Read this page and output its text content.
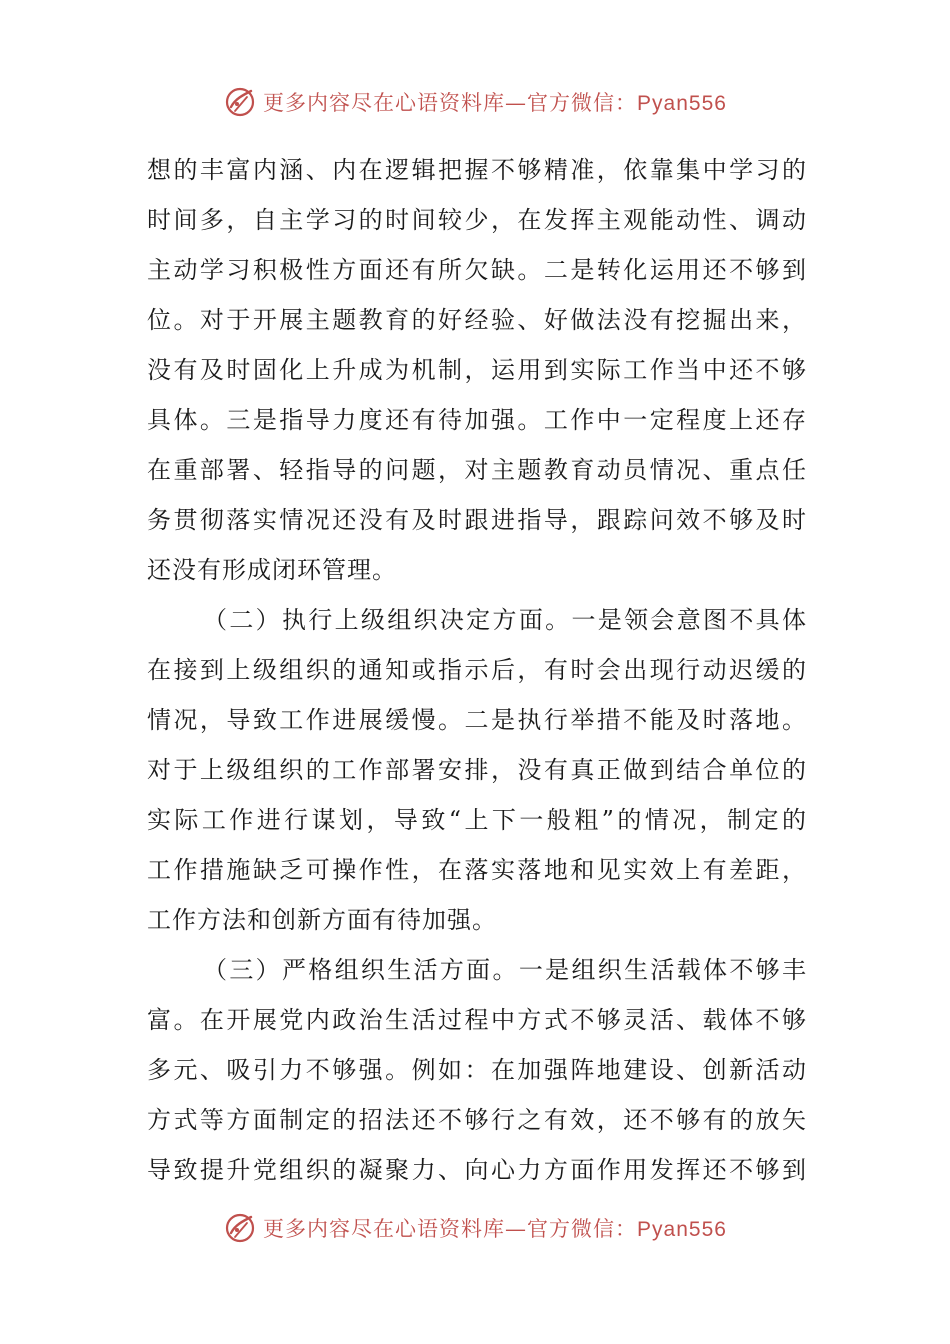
更多内容尽在心语资料库—官方微信：Pyan556
想的丰富内涵、内在逻辑把握不够精准，依靠集中学习的
时间多，自主学习的时间较少，在发挥主观能动性、调动
主动学习积极性方面还有所欠缺。二是转化运用还不够到
位。对于开展主题教育的好经验、好做法没有挖掘出来，
没有及时固化上升成为机制，运用到实际工作当中还不够
具体。三是指导力度还有待加强。工作中一定程度上还存
在重部署、轻指导的问题，对主题教育动员情况、重点任
务贯彻落实情况还没有及时跟进指导，跟踪问效不够及时
还没有形成闭环管理。
（二）执行上级组织决定方面。一是领会意图不具体
在接到上级组织的通知或指示后，有时会出现行动迟缓的
情况，导致工作进展缓慢。二是执行举措不能及时落地。
对于上级组织的工作部署安排，没有真正做到结合单位的
实际工作进行谋划，导致“上下一般粗”的情况，制定的
工作措施缺乏可操作性，在落实落地和见实效上有差距，
工作方法和创新方面有待加强。
（三）严格组织生活方面。一是组织生活载体不够丰
富。在开展党内政治生活过程中方式不够灵活、载体不够
多元、吸引力不够强。例如：在加强阵地建设、创新活动
方式等方面制定的招法还不够行之有效，还不够有的放矢
导致提升党组织的凝聚力、向心力方面作用发挥还不够到
更多内容尽在心语资料库—官方微信：Pyan556
